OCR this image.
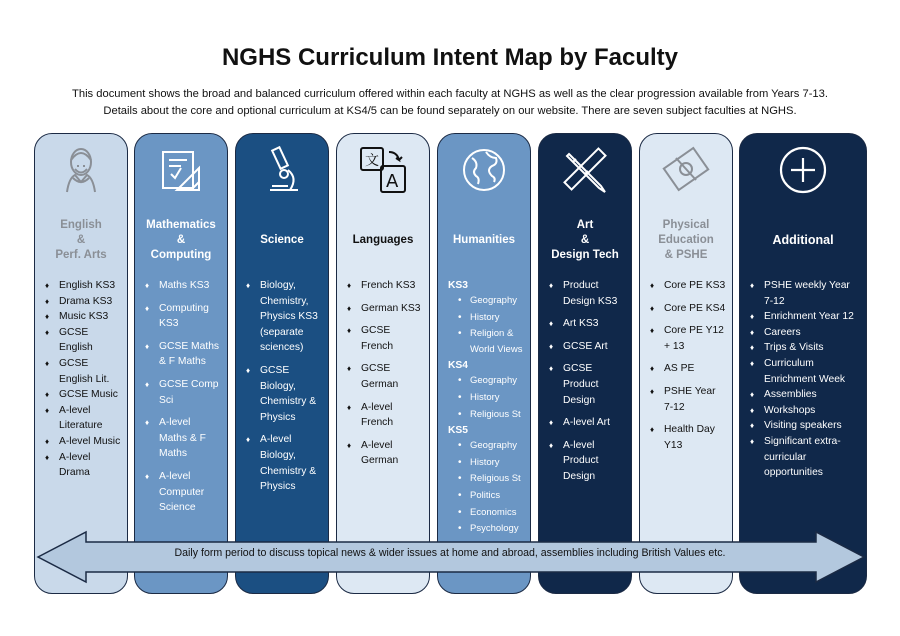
NGHS Curriculum Intent Map by Faculty
This document shows the broad and balanced curriculum offered within each faculty at NGHS as well as the clear progression available from Years 7-13.
Details about the core and optional curriculum at KS4/5 can be found separately on our website. There are seven subject faculties at NGHS.
English
&
Perf. Arts
♦ English KS3
♦ Drama KS3
♦ Music KS3
♦ GCSE English
♦ GCSE English Lit.
♦ GCSE Music
♦ A-level Literature
♦ A-level Music
♦ A-level Drama
Mathematics
&
Computing
♦ Maths KS3
♦ Computing KS3
♦ GCSE Maths & F Maths
♦ GCSE Comp Sci
♦ A-level Maths & F Maths
♦ A-level Computer Science
Science
♦ Biology, Chemistry, Physics KS3 (separate sciences)
♦ GCSE Biology, Chemistry & Physics
♦ A-level Biology, Chemistry & Physics
文
A
Languages
♦ French KS3
♦ German KS3
♦ GCSE French
♦ GCSE German
♦ A-level French
♦ A-level German
Humanities
KS3
• Geography
• History
• Religion & World Views
KS4
• Geography
• History
• Religious St
KS5
• Geography
• History
• Religious St
• Politics
• Economics
• Psychology
Art
&
Design Tech
♦ Product Design KS3
♦ Art KS3
♦ GCSE Art
♦ GCSE Product Design
♦ A-level Art
♦ A-level Product Design
Physical
Education
& PSHE
♦ Core PE KS3
♦ Core PE KS4
♦ Core PE Y12 + 13
♦ AS PE
♦ PSHE Year 7-12
♦ Health Day Y13
Additional
♦ PSHE weekly Year 7-12
♦ Enrichment Year 12
♦ Careers
♦ Trips & Visits
♦ Curriculum Enrichment Week
♦ Assemblies
♦ Workshops
♦ Visiting speakers
♦ Significant extra-curricular opportunities
Daily form period to discuss topical news & wider issues at home and abroad, assemblies including British Values etc.
